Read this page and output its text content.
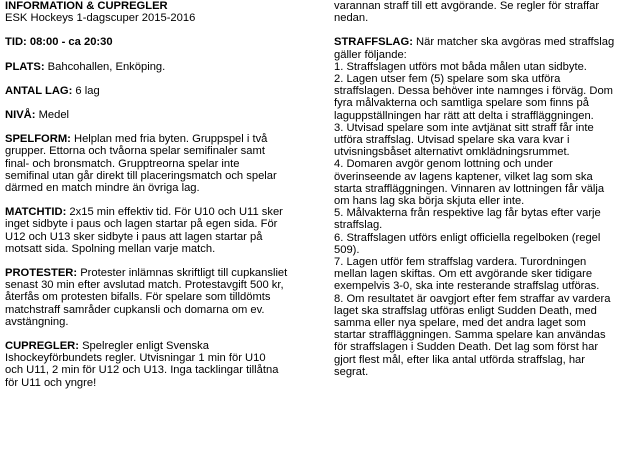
INFORMATION & CUPREGLER

ESK Hockeys 1-dagscuper 2015-2016

TID: 08:00 - ca 20:30

PLATS: Bahcohallen, Enköping.

ANTAL LAG: 6 lag

NIVÅ: Medel

SPELFORM: Helplan med fria byten. Gruppspel i två
grupper. Ettorna och tvåorna spelar semifinaler samt
final- och bronsmatch. Grupptreorna spelar inte
semifinal utan går direkt till placeringsmatch och spelar
därmed en match mindre än övriga lag.

MATCHTID: 2x15 min effektiv tid. För U10 och U11 sker
inget sidbyte i paus och lagen startar på egen sida. För
U12 och U13 sker sidbyte i paus att lagen startar på
motsatt sida. Spolning mellan varje match.

PROTESTER: Protester inlämnas skriftligt till cupkansliet
senast 30 min efter avslutad match. Protestavgift 500 kr,
återfås om protesten bifalls. För spelare som tilldömts
matchstraff samråder cupkansli och domarna om ev.
avstängning.

CUPREGLER: Spelregler enligt Svenska
Ishockeyförbundets regler. Utvisningar 1 min för U10
och U11, 2 min för U12 och U13. Inga tacklingar tillåtna
för U11 och yngre!

varannan straff till ett avgörande. Se regler för straffar
nedan.

STRAFFSLAG: När matcher ska avgöras med straffslag
gäller följande:
1. Straffslagen utförs mot båda målen utan sidbyte.
2. Lagen utser fem (5) spelare som ska utföra
straffslagen. Dessa behöver inte namnges i förväg. Dom
fyra målvakterna och samtliga spelare som finns på
laguppställningen har rätt att delta i straffläggningen.
3. Utvisad spelare som inte avtjänat sitt straff får inte
utföra straffslag. Utvisad spelare ska vara kvar i
utvisningsbåset alternativt omklädningsrummet.
4. Domaren avgör genom lottning och under
överinseende av lagens kaptener, vilket lag som ska
starta straffläggningen. Vinnaren av lottningen får välja
om hans lag ska börja skjuta eller inte.
5. Målvakterna från respektive lag får bytas efter varje
straffslag.
6. Straffslagen utförs enligt officiella regelboken (regel
509).
7. Lagen utför fem straffslag vardera. Turordningen
mellan lagen skiftas. Om ett avgörande sker tidigare
exempelvis 3-0, ska inte resterande straffslag utföras.
8. Om resultatet är oavgjort efter fem straffar av vardera
laget ska straffslag utföras enligt Sudden Death, med
samma eller nya spelare, med det andra laget som
startar straffläggningen. Samma spelare kan användas
för straffslagen i Sudden Death. Det lag som först har
gjort flest mål, efter lika antal utförda straffslag, har
segrat.
